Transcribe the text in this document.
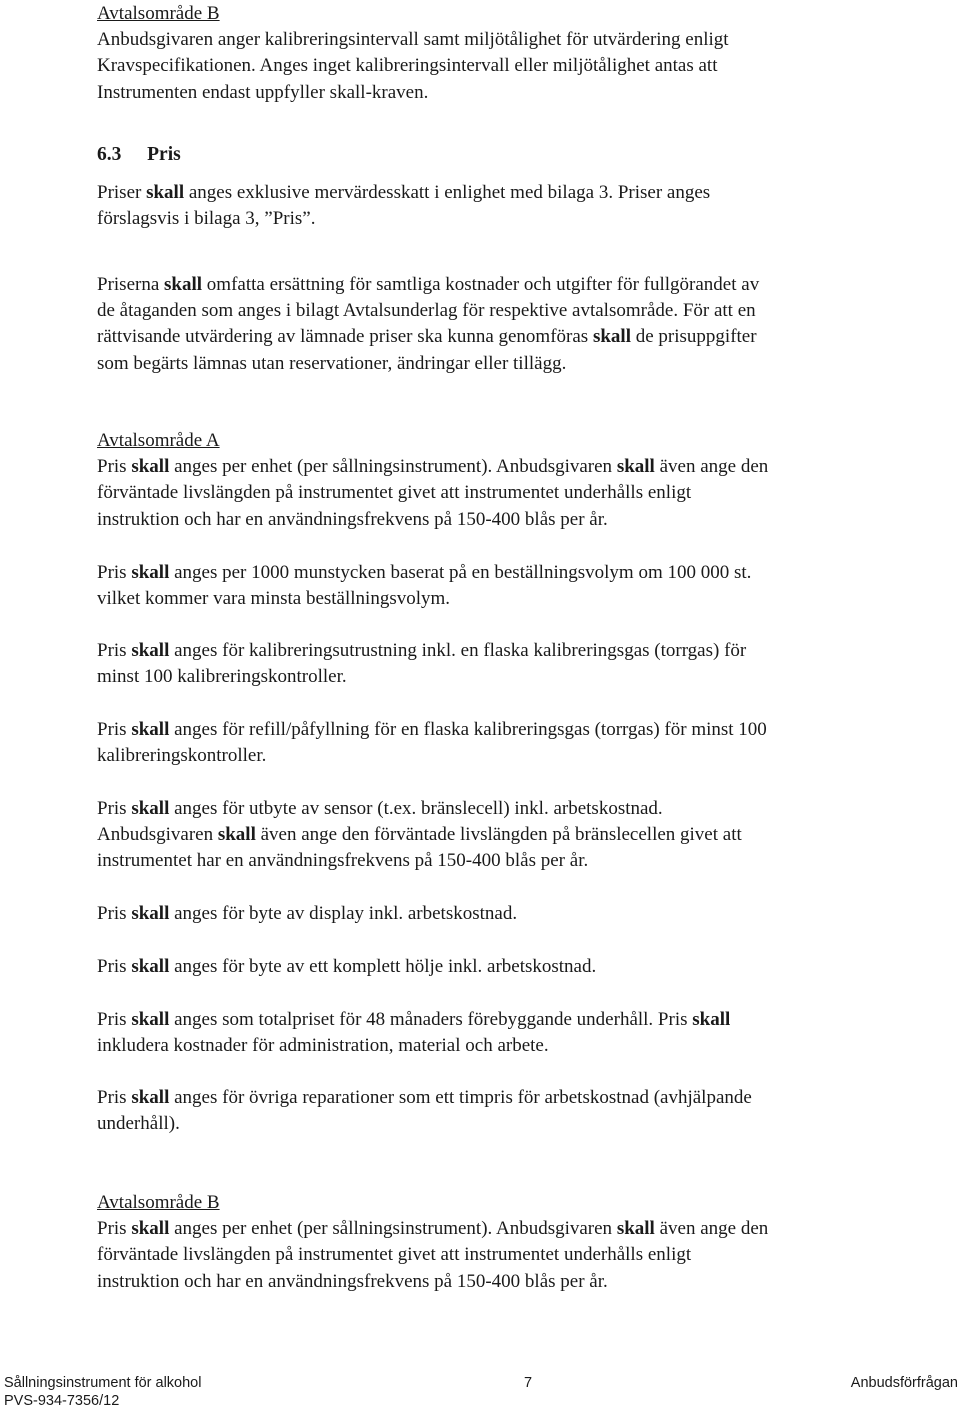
Avtalsområde B

Anbudsgivaren anger kalibreringsintervall samt miljötålighet för utvärdering enligt

Kravspecifikationen. Anges inget kalibreringsintervall eller miljötålighet antas att

Instrumenten endast uppfyller skall-kraven.

6.3 Pris

Priser skall anges exklusive mervärdesskatt i enlighet med bilaga 3. Priser anges

förslagsvis i bilaga 3, ”Pris”.

Priserna skall omfatta ersättning för samtliga kostnader och utgifter för fullgörandet av

de åtaganden som anges i bilagt Avtalsunderlag för respektive avtalsområde. För att en

rättvisande utvärdering av lämnade priser ska kunna genomföras skall de prisuppgifter

som begärts lämnas utan reservationer, ändringar eller tillägg.

Avtalsområde A

Pris skall anges per enhet (per sållningsinstrument). Anbudsgivaren skall även ange den

förväntade livslängden på instrumentet givet att instrumentet underhålls enligt

instruktion och har en användningsfrekvens på 150-400 blås per år.

Pris skall anges per 1000 munstycken baserat på en beställningsvolym om 100 000 st.

vilket kommer vara minsta beställningsvolym.

Pris skall anges för kalibreringsutrustning inkl. en flaska kalibreringsgas (torrgas) för

minst 100 kalibreringskontroller.

Pris skall anges för refill/påfyllning för en flaska kalibreringsgas (torrgas) för minst 100

kalibreringskontroller.

Pris skall anges för utbyte av sensor (t.ex. bränslecell) inkl. arbetskostnad.

Anbudsgivaren skall även ange den förväntade livslängden på bränslecellen givet att

instrumentet har en användningsfrekvens på 150-400 blås per år.

Pris skall anges för byte av display inkl. arbetskostnad.

Pris skall anges för byte av ett komplett hölje inkl. arbetskostnad.

Pris skall anges som totalpriset för 48 månaders förebyggande underhåll. Pris skall

inkludera kostnader för administration, material och arbete.

Pris skall anges för övriga reparationer som ett timpris för arbetskostnad (avhjälpande

underhåll).

Avtalsområde B

Pris skall anges per enhet (per sållningsinstrument). Anbudsgivaren skall även ange den

förväntade livslängden på instrumentet givet att instrumentet underhålls enligt

instruktion och har en användningsfrekvens på 150-400 blås per år.

Sållningsinstrument för alkohol
PVS-934-7356/12
7	Anbudsförfrågan
